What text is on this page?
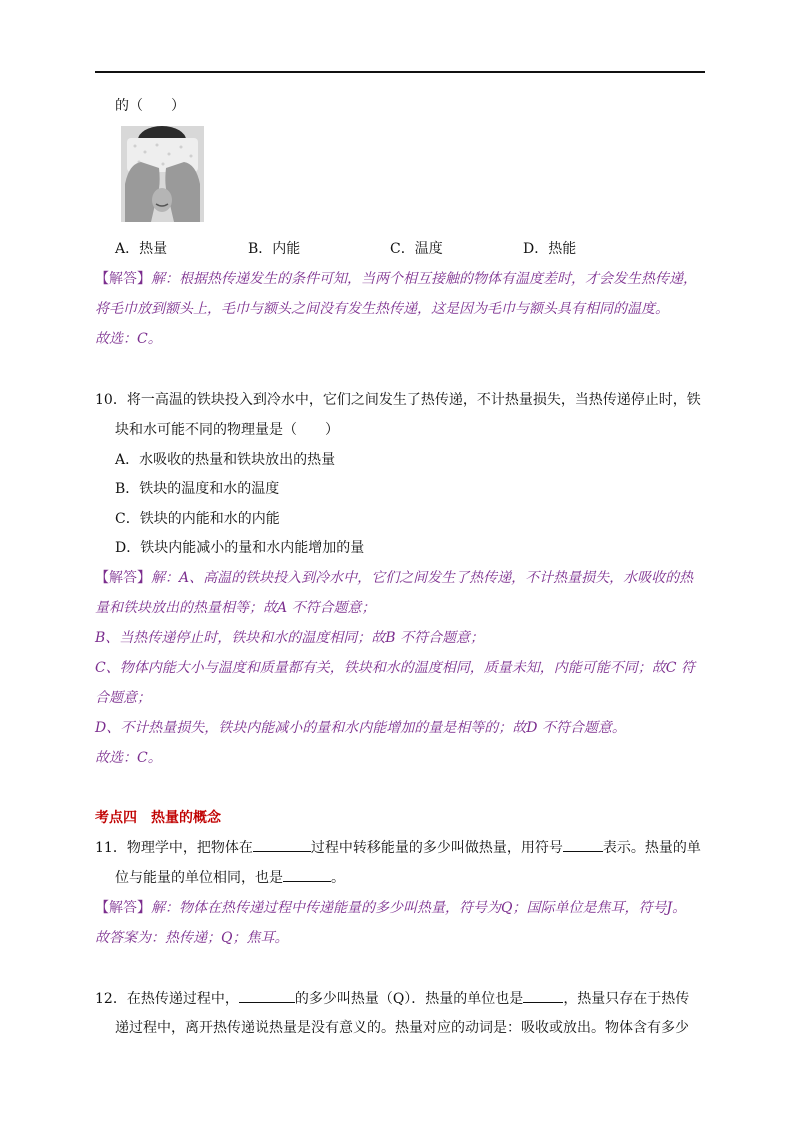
的（　　）
A．热量	B．内能	C．温度	D．热能
【解答】解：根据热传递发生的条件可知，当两个相互接触的物体有温度差时，才会发生热传递，
将毛巾放到额头上，毛巾与额头之间没有发生热传递，这是因为毛巾与额头具有相同的温度。
故选：C。
10．将一高温的铁块投入到冷水中，它们之间发生了热传递，不计热量损失，当热传递停止时，铁
块和水可能不同的物理量是（　　）
A．水吸收的热量和铁块放出的热量
B．铁块的温度和水的温度
C．铁块的内能和水的内能
D．铁块内能减小的量和水内能增加的量
【解答】解：A、高温的铁块投入到冷水中，它们之间发生了热传递，不计热量损失，水吸收的热
量和铁块放出的热量相等；故A 不符合题意；
B、当热传递停止时，铁块和水的温度相同；故B 不符合题意；
C、物体内能大小与温度和质量都有关，铁块和水的温度相同，质量未知，内能可能不同；故C 符
合题意；
D、不计热量损失，铁块内能减小的量和水内能增加的量是相等的；故D 不符合题意。
故选：C。
考点四　热量的概念
11．物理学中，把物体在	过程中转移能量的多少叫做热量，用符号	表示。热量的单
位与能量的单位相同，也是	。
【解答】解：物体在热传递过程中传递能量的多少叫热量，符号为Q；国际单位是焦耳，符号J。
故答案为：热传递；Q；焦耳。
12．在热传递过程中，	的多少叫热量（Q）．热量的单位也是	，热量只存在于热传
递过程中，离开热传递说热量是没有意义的。热量对应的动词是：吸收或放出。物体含有多少
